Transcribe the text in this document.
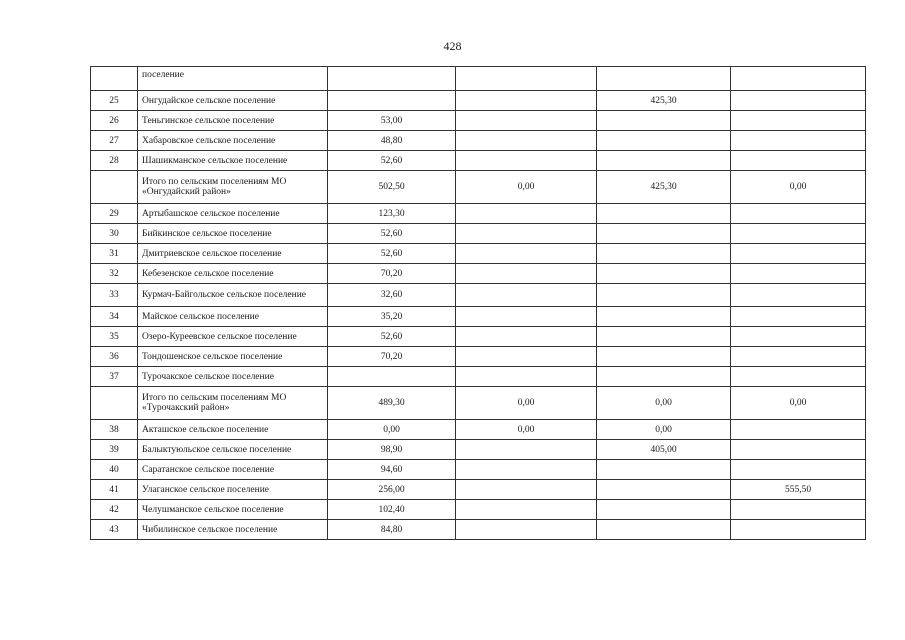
428
	поселение				
25	Онгудайское сельское поселение			425,30	
26	Теньгинское сельское поселение	53,00			
27	Хабаровское сельское поселение	48,80			
28	Шашикманское сельское поселение	52,60			
	Итого по сельским поселениям МО «Онгудайский район»	502,50	0,00	425,30	0,00
29	Артыбашское сельское поселение	123,30			
30	Бийкинское сельское поселение	52,60			
31	Дмитриевское сельское поселение	52,60			
32	Кебезенское сельское поселение	70,20			
33	Курмач-Байгольское сельское поселение	32,60			
34	Майское сельское поселение	35,20			
35	Озеро-Куреевское сельское поселение	52,60			
36	Тондошенское сельское поселение	70,20			
37	Турочакское сельское поселение				
	Итого по сельским поселениям МО «Турочакский район»	489,30	0,00	0,00	0,00
38	Акташское сельское поселение	0,00	0,00	0,00	
39	Балыктуюльское сельское поселение	98,90		405,00	
40	Саратанское сельское поселение	94,60			
41	Улаганское сельское поселение	256,00			555,50
42	Челушманское сельское поселение	102,40			
43	Чибилинское сельское поселение	84,80			
